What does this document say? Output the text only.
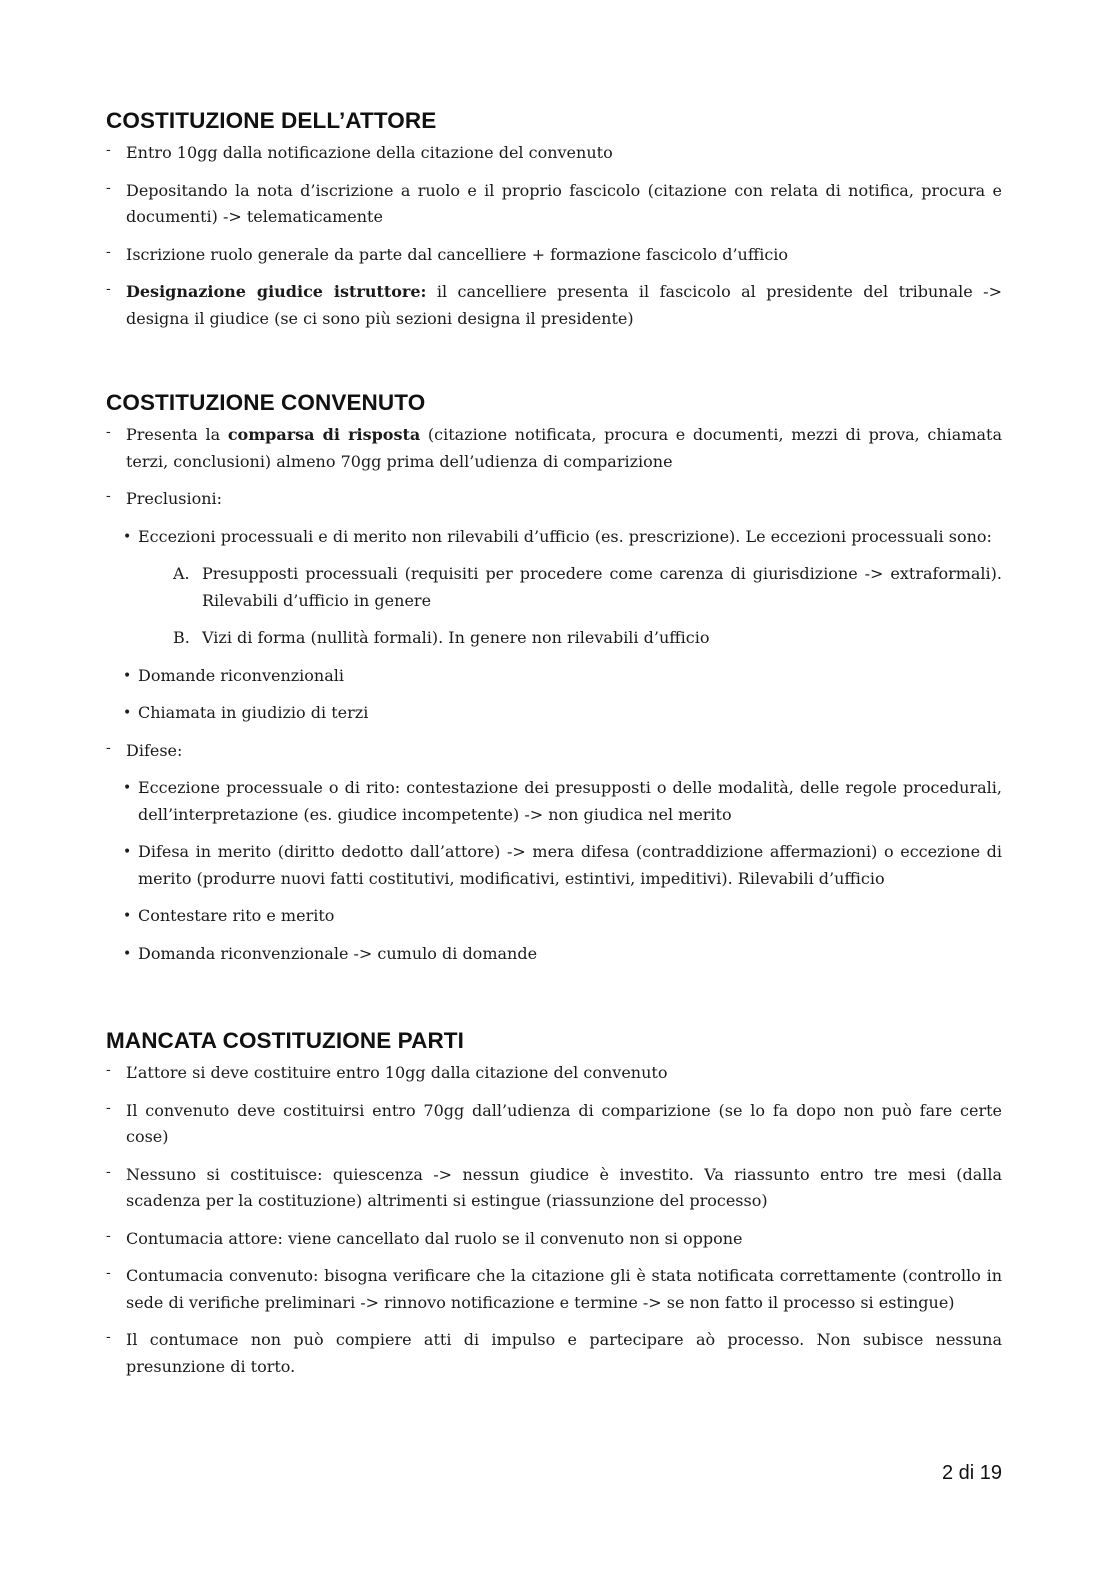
COSTITUZIONE DELL’ATTORE
- Entro 10gg dalla notificazione della citazione del convenuto
- Depositando la nota d’iscrizione a ruolo e il proprio fascicolo (citazione con relata di notifica, procura e documenti) -> telematicamente
- Iscrizione ruolo generale da parte dal cancelliere + formazione fascicolo d’ufficio
- Designazione giudice istruttore: il cancelliere presenta il fascicolo al presidente del tribunale -> designa il giudice (se ci sono più sezioni designa il presidente)
COSTITUZIONE CONVENUTO
- Presenta la comparsa di risposta (citazione notificata, procura e documenti, mezzi di prova, chiamata terzi, conclusioni) almeno 70gg prima dell’udienza di comparizione
- Preclusioni:
• Eccezioni processuali e di merito non rilevabili d’ufficio (es. prescrizione). Le eccezioni processuali sono:
A. Presupposti processuali (requisiti per procedere come carenza di giurisdizione -> extraformali). Rilevabili d’ufficio in genere
B. Vizi di forma (nullità formali). In genere non rilevabili d’ufficio
• Domande riconvenzionali
• Chiamata in giudizio di terzi
- Difese:
• Eccezione processuale o di rito: contestazione dei presupposti o delle modalità, delle regole procedurali, dell’interpretazione (es. giudice incompetente) -> non giudica nel merito
• Difesa in merito (diritto dedotto dall’attore) -> mera difesa (contraddizione affermazioni) o eccezione di merito (produrre nuovi fatti costitutivi, modificativi, estintivi, impeditivi). Rilevabili d’ufficio
• Contestare rito e merito
• Domanda riconvenzionale -> cumulo di domande
MANCATA COSTITUZIONE PARTI
- L’attore si deve costituire entro 10gg dalla citazione del convenuto
- Il convenuto deve costituirsi entro 70gg dall’udienza di comparizione (se lo fa dopo non può fare certe cose)
- Nessuno si costituisce: quiescenza -> nessun giudice è investito. Va riassunto entro tre mesi (dalla scadenza per la costituzione) altrimenti si estingue (riassunzione del processo)
- Contumacia attore: viene cancellato dal ruolo se il convenuto non si oppone
- Contumacia convenuto: bisogna verificare che la citazione gli è stata notificata correttamente (controllo in sede di verifiche preliminari -> rinnovo notificazione e termine -> se non fatto il processo si estingue)
- Il contumace non può compiere atti di impulso e partecipare aò processo. Non subisce nessuna presunzione di torto.
2 di 19
